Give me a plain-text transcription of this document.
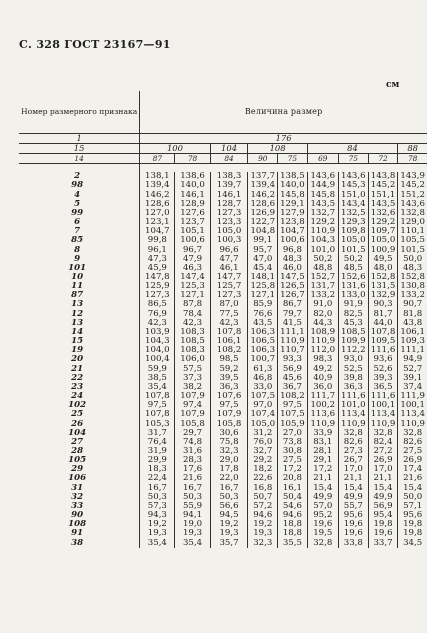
С. 328 ГОСТ 23167—91
см
Номер размерного признака	Величина размер								
1	176								
15	100		104	108		84			88
14	87	78	84	90	75	69	75	72	78

2	138,1	138,6	138,3	137,7	138,5	143,6	143,6	143,8	143,9
98	139,4	140,0	139,7	139,4	140,0	144,9	145,3	145,2	145,2
4	146,2	146,1	146,1	146,2	145,8	145,8	151,0	151,1	151,2
5	128,6	128,9	128,7	128,6	129,1	143,5	143,4	143,5	143,6
99	127,0	127,6	127,3	126,9	127,9	132,7	132,5	132,6	132,8
6	123,1	123,7	123,3	122,7	123,8	129,2	129,3	129,2	129,0
7	104,7	105,1	105,0	104,8	104,7	110,9	109,8	109,7	110,1
85	99,8	100,6	100,3	99,1	100,6	104,3	105,0	105,0	105,5
8	96,1	96,7	96,6	95,7	96,8	101,0	101,5	100,9	101,5
9	47,3	47,9	47,7	47,0	48,3	50,2	50,2	49,5	50,0
101	45,9	46,3	46,1	45,4	46,0	48,8	48,5	48,0	48,3
10	147,8	147,4	147,7	148,1	147,5	152,7	152,6	152,8	152,8
11	125,9	125,3	125,7	125,8	126,5	131,7	131,6	131,5	130,8
87	127,3	127,1	127,3	127,1	126,7	133,2	133,0	132,9	133,2
13	86,5	87,8	87,0	85,9	86,7	91,0	91,9	90,3	90,7
12	76,9	78,4	77,5	76,6	79,7	82,0	82,5	81,7	81,8
13	42,3	42,3	42,3	43,5	41,5	44,3	45,3	44,0	43,8
14	103,9	108,3	107,8	106,3	111,1	108,9	108,5	107,8	106,1
15	104,3	108,5	106,1	106,5	110,9	110,9	109,9	109,5	109,3
19	104,0	108,3	108,2	106,3	110,7	112,0	112,2	111,6	111,1
20	100,4	106,0	98,5	100,7	93,3	98,3	93,0	93,6	94,9
21	59,9	57,5	59,2	61,3	56,9	49,2	52,5	52,6	52,7
22	38,5	37,3	39,5	46,8	45,6	40,9	39,8	39,3	39,1
23	35,4	38,2	36,3	33,0	36,7	36,0	36,3	36,5	37,4
24	107,8	107,9	107,6	107,5	108,2	111,7	111,6	111,6	111,9
102	97,5	97,4	97,5	97,0	97,5	100,2	101,0	100,1	100,1
25	107,8	107,9	107,9	107,4	107,5	113,6	113,4	113,4	113,4
26	105,3	105,8	105,8	105,0	105,9	110,9	110,9	110,9	110,9
104	31,7	29,7	30,6	31,2	27,0	33,9	32,8	32,8	32,8
27	76,4	74,8	75,8	76,0	73,8	83,1	82,6	82,4	82,6
28	31,9	31,6	32,3	32,7	30,8	28,1	27,3	27,2	27,5
105	29,9	28,3	29,0	29,2	27,5	29,1	26,7	26,9	26,9
29	18,3	17,6	17,8	18,2	17,2	17,2	17,0	17,0	17,4
106	22,4	21,6	22,0	22,6	20,8	21,1	21,1	21,1	21,6
31	16,7	16,7	16,7	16,8	16,1	15,4	15,4	15,4	15,4
32	50,3	50,3	50,3	50,7	50,4	49,9	49,9	49,9	50,0
33	57,3	55,9	56,6	57,2	54,6	57,0	55,7	56,9	57,1
90	94,3	94,1	94,5	94,6	94,6	95,2	95,6	95,4	95,6
108	19,2	19,0	19,2	19,2	18,8	19,6	19,6	19,8	19,8
91	19,3	19,3	19,3	19,3	18,8	19,5	19,6	19,6	19,8
38	35,4	35,4	35,7	32,3	35,5	32,8	33,8	33,7	34,5
